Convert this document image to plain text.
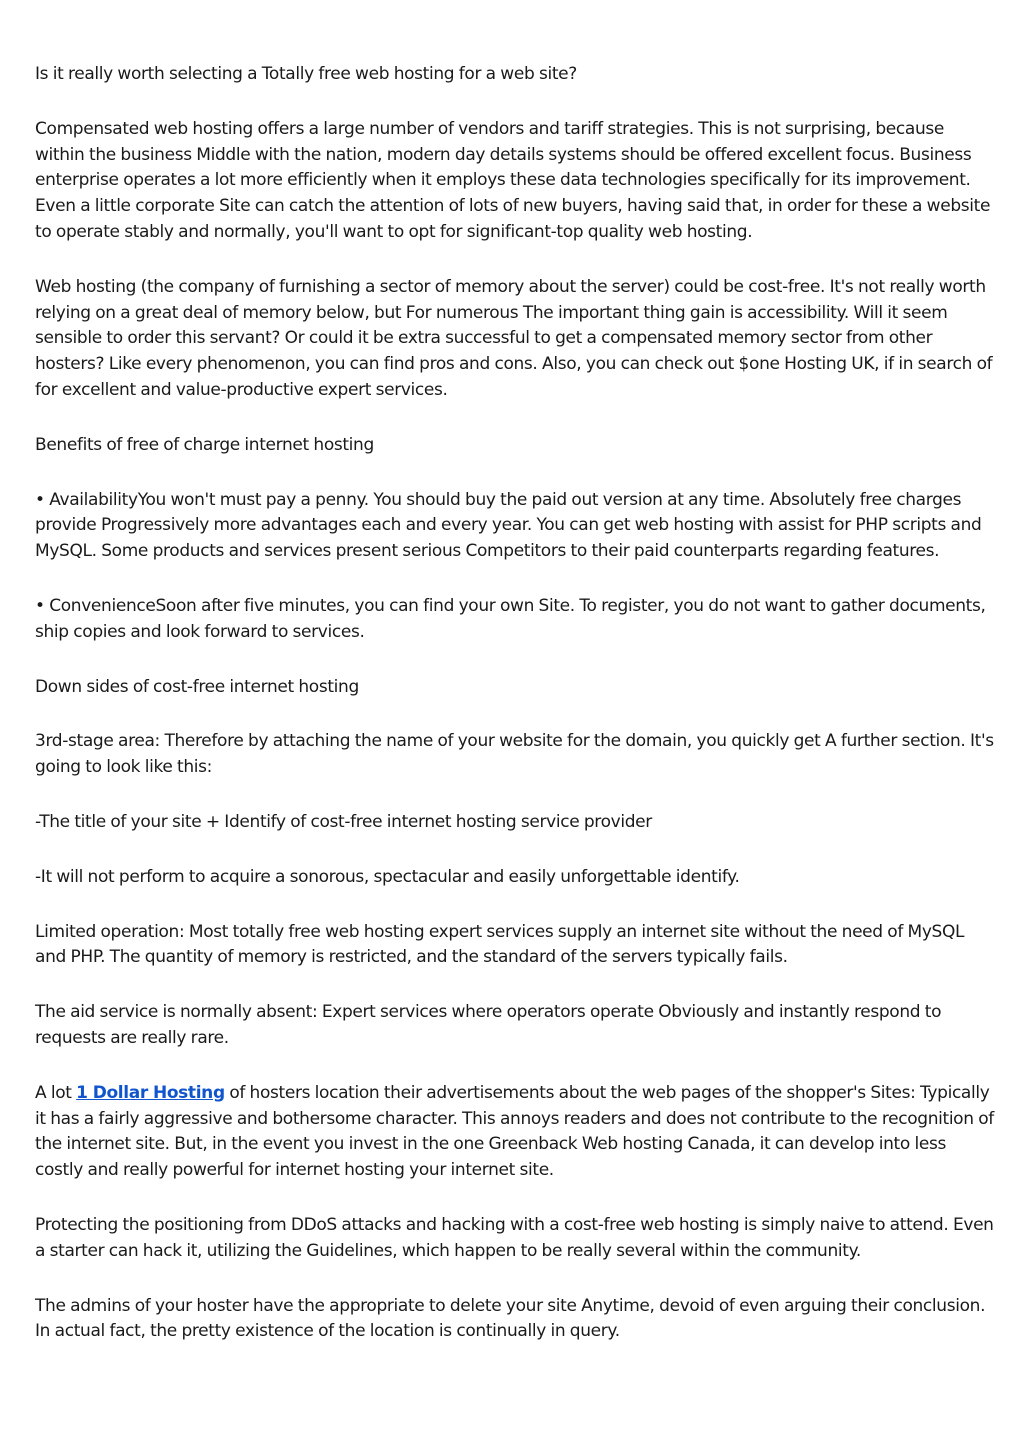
Is it really worth selecting a Totally free web hosting for a web site?

Compensated web hosting offers a large number of vendors and tariff strategies. This is not surprising, because within the business Middle with the nation, modern day details systems should be offered excellent focus. Business enterprise operates a lot more efficiently when it employs these data technologies specifically for its improvement. Even a little corporate Site can catch the attention of lots of new buyers, having said that, in order for these a website to operate stably and normally, you'll want to opt for significant-top quality web hosting.

Web hosting (the company of furnishing a sector of memory about the server) could be cost-free. It's not really worth relying on a great deal of memory below, but For numerous The important thing gain is accessibility. Will it seem sensible to order this servant? Or could it be extra successful to get a compensated memory sector from other hosters? Like every phenomenon, you can find pros and cons. Also, you can check out $one Hosting UK, if in search of for excellent and value-productive expert services.

Benefits of free of charge internet hosting

• AvailabilityYou won't must pay a penny. You should buy the paid out version at any time. Absolutely free charges provide Progressively more advantages each and every year. You can get web hosting with assist for PHP scripts and MySQL. Some products and services present serious Competitors to their paid counterparts regarding features.

• ConvenienceSoon after five minutes, you can find your own Site. To register, you do not want to gather documents, ship copies and look forward to services.

Down sides of cost-free internet hosting

3rd-stage area: Therefore by attaching the name of your website for the domain, you quickly get A further section. It's going to look like this:

-The title of your site + Identify of cost-free internet hosting service provider

-It will not perform to acquire a sonorous, spectacular and easily unforgettable identify.

Limited operation: Most totally free web hosting expert services supply an internet site without the need of MySQL and PHP. The quantity of memory is restricted, and the standard of the servers typically fails.

The aid service is normally absent: Expert services where operators operate Obviously and instantly respond to requests are really rare.

A lot 1 Dollar Hosting of hosters location their advertisements about the web pages of the shopper's Sites: Typically it has a fairly aggressive and bothersome character. This annoys readers and does not contribute to the recognition of the internet site. But, in the event you invest in the one Greenback Web hosting Canada, it can develop into less costly and really powerful for internet hosting your internet site.

Protecting the positioning from DDoS attacks and hacking with a cost-free web hosting is simply naive to attend. Even a starter can hack it, utilizing the Guidelines, which happen to be really several within the community.

The admins of your hoster have the appropriate to delete your site Anytime, devoid of even arguing their conclusion. In actual fact, the pretty existence of the location is continually in query.
